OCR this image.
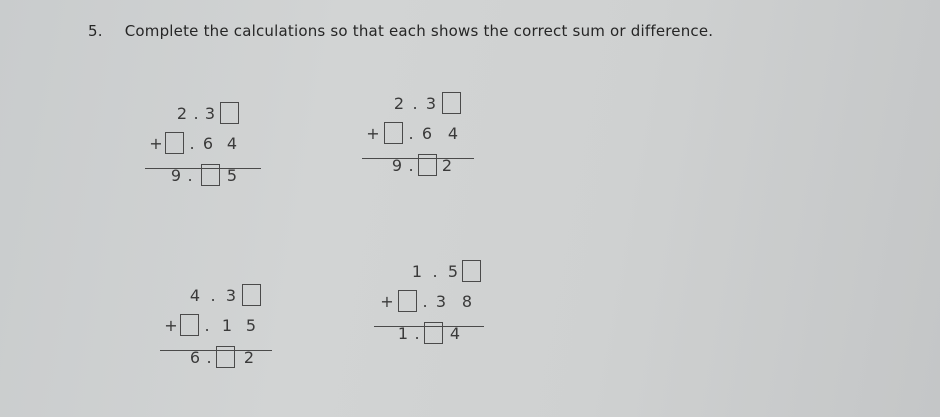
5. Complete the calculations so that each shows the correct sum or difference.
2 . 3
+ . 6 4
9 . 5
2 . 3
+ . 6 4
9 . 2
4 . 3
+ . 1 5
6 . 2
1 . 5
+ . 3 8
1 . 4
